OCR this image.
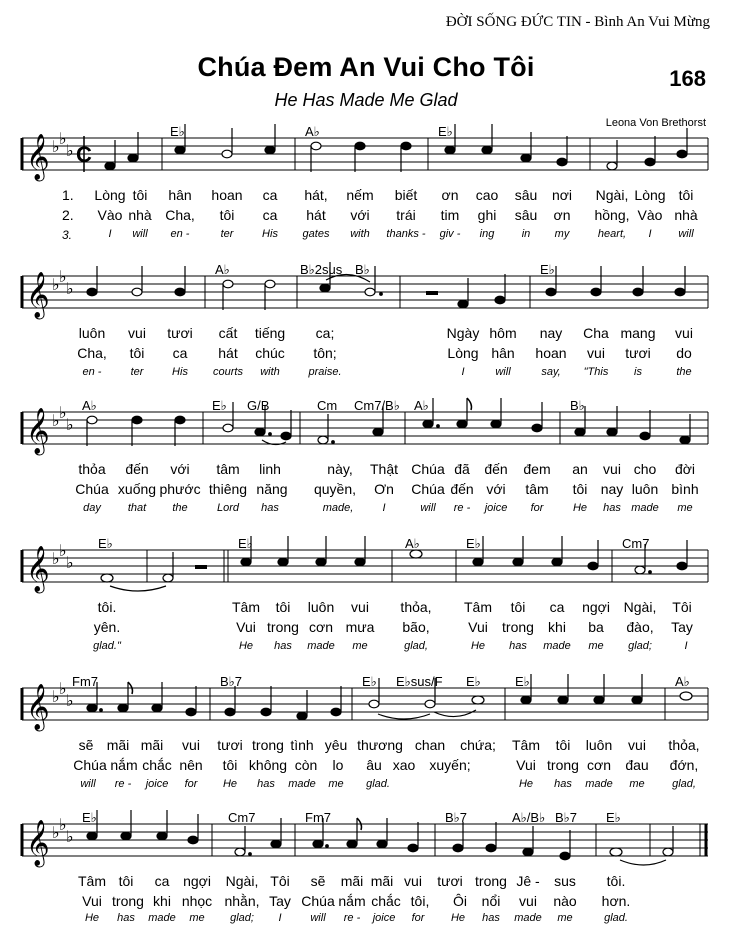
ĐỜI SỐNG ĐỨC TIN - Bình An Vui Mừng
Chúa Đem An Vui Cho Tôi
He Has Made Me Glad
168
Leona Von Brethorst
𝄞 ♭ ♭
♭ C
E♭	A♭	E♭
1.
2.
3.
Lòng tôi hân hoan ca hát, nếm biết ơn cao sâu nơi Ngài, Lòng tôi
Vào nhà Cha, tôi ca hát với trái tim ghi sâu ơn hồng, Vào nhà
I will en -	ter	His gates with thanks - giv - ing in my	heart, I will
𝄞 ♭ ♭
♭
A♭	B♭2sus B♭	E♭
luôn vui tươi cất tiếng ca;	Ngày hôm nay Cha mang vui
Cha, tôi ca hát chúc tôn;	Lòng hân hoan vui tươi do
en -	ter	His courts with	praise.	I	will	say, "This is	the
𝄞 ♭ ♭
♭
A♭	E♭ G/B	Cm Cm7/B♭ A♭	B♭
thỏa đến với tâm linh	này, Thật Chúa đã đến đem an vui cho đời
Chúa xuống phước thiêng năng quyền, Ơn Chúa đến với tâm tôi nay luôn bình
day that the	Lord has	made,	I	will re - joice for	He has made me
𝄞 ♭ ♭
♭
E♭	E♭	A♭	E♭	Cm7
tôi.	Tâm tôi luôn vui thỏa, Tâm tôi ca ngợi Ngài, Tôi
yên.	Vui trong cơn mưa bão,	Vui trong khi ba đào, Tay
glad."	He has made me	glad,	He has made me glad;	I
𝄞 ♭ ♭
♭
Fm7	B♭7	E♭ E♭sus/F E♭	E♭	A♭
sẽ mãi mãi vui tươi trong tình yêu thương chan chứa; Tâm tôi luôn vui thỏa,
Chúa nắm chắc nên tôi không còn lo âu xao xuyến;	Vui trong cơn đau đớn,
will re - joice for He has made me glad.	He has made me glad,
𝄞 ♭ ♭
♭
E♭	Cm7	Fm7	B♭7	A♭/B♭ B♭7 E♭
Tâm tôi ca ngợi Ngài, Tôi sẽ mãi mãi vui tươi trong Jê - sus tôi.
Vui trong khi nhọc nhằn, Tay Chúa nắm chắc tôi, Ôi nổi vui nào hơn.
He has made me glad; I	will re - joice for He has made me	glad.
